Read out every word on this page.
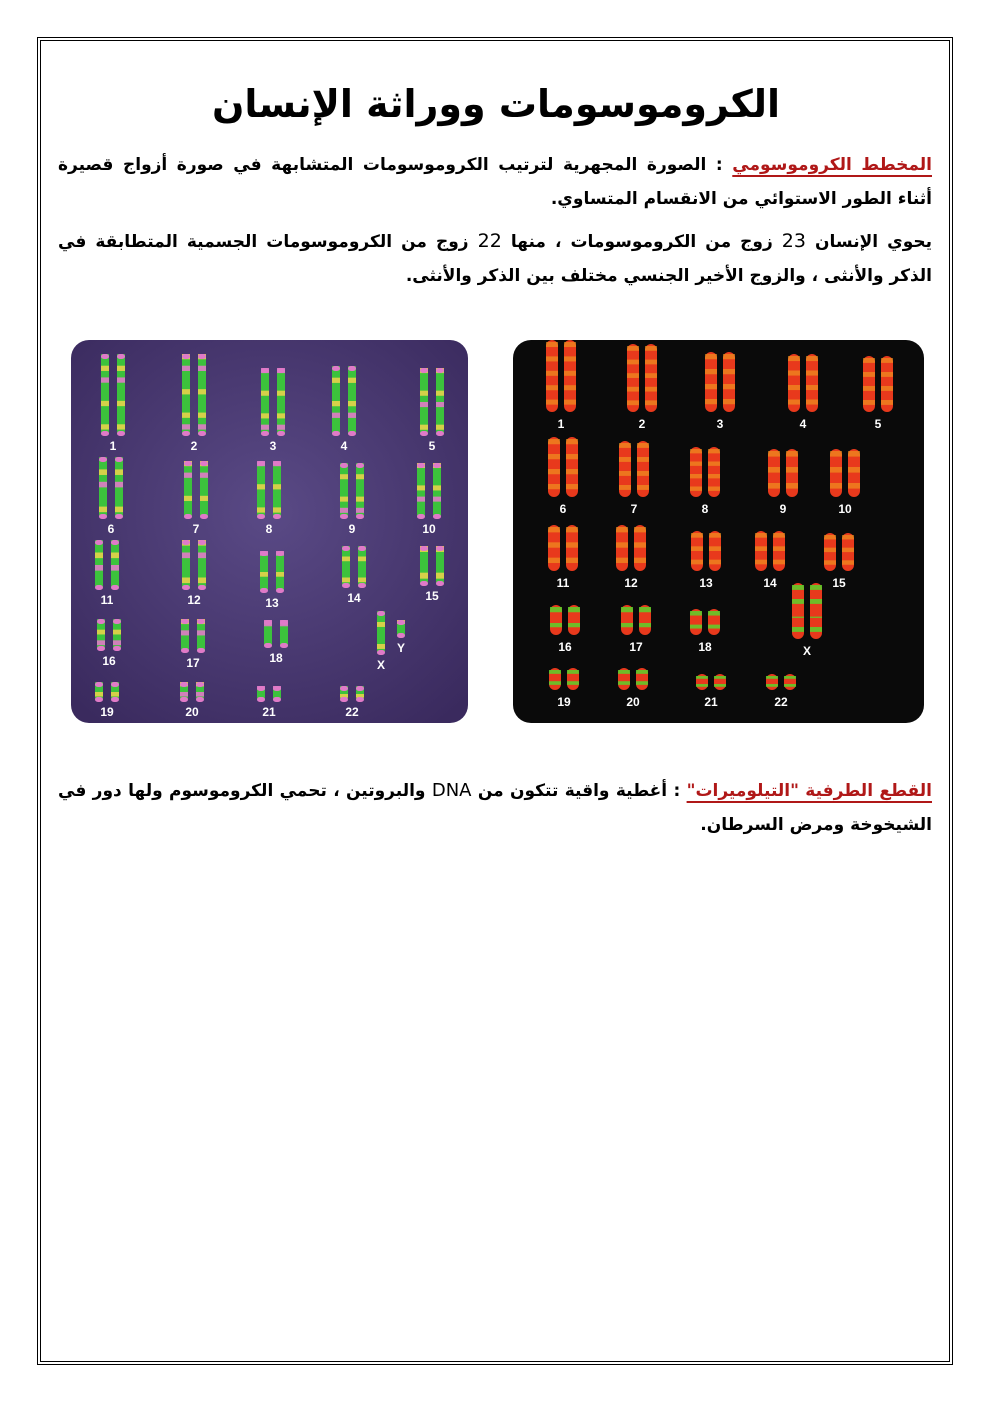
الكروموسومات ووراثة الإنسان

المخطط الكروموسومي : الصورة المجهرية لترتيب الكروموسومات المتشابهة في صورة أزواج قصيرة أثناء الطور الاستوائي من الانقسام المتساوي.

يحوي الإنسان 23 زوج من الكروموسومات ، منها 22 زوج من الكروموسومات الجسمية المتطابقة في الذكر والأنثى ، والزوج الأخير الجنسي مختلف بين الذكر والأنثى.

1	2	3	4	5
6	7	8	9	10
11	12	13	14	15
16	17	18	X
Y
19	20	21	22
1	2	3	4	5
6	7	8	9	10
11	12	13	14	15
16	17	18	X
19	20	21	22

القطع الطرفية "التيلوميرات" : أغطية واقية تتكون من DNA والبروتين ، تحمي الكروموسوم ولها دور في الشيخوخة ومرض السرطان.
